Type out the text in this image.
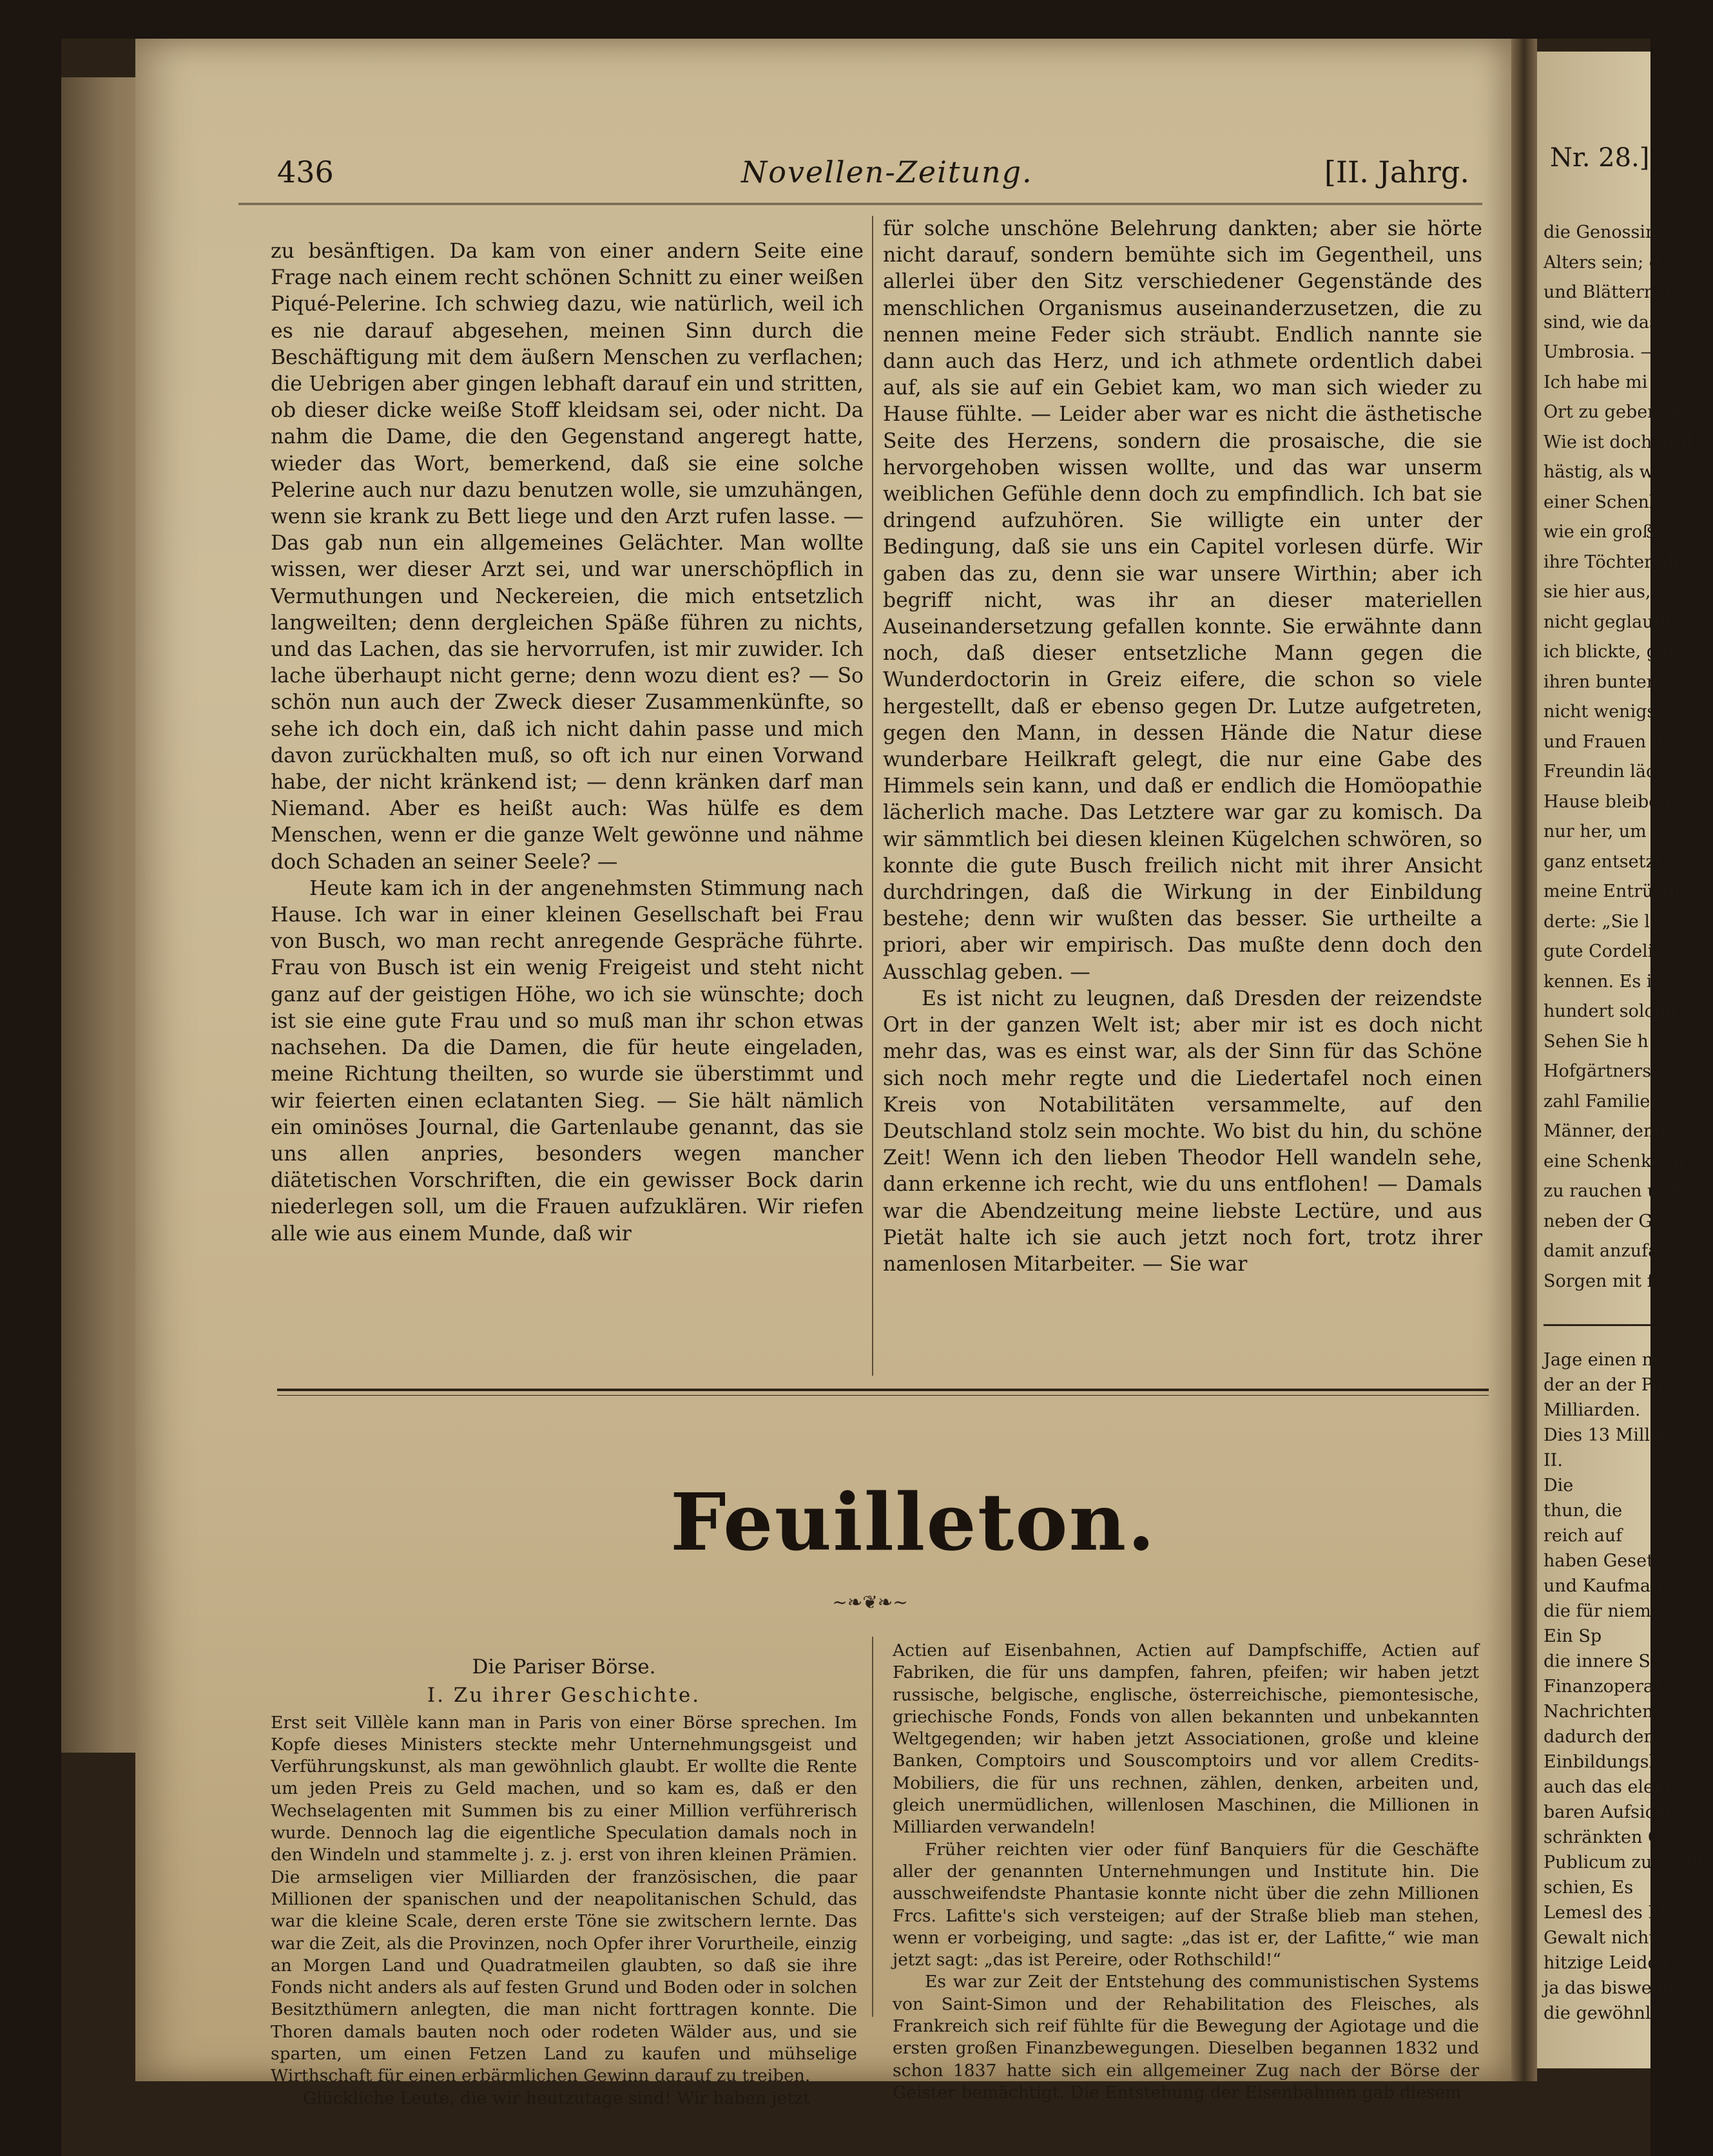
436	Novellen-Zeitung.	[II. Jahrg.

zu besänftigen. Da kam von einer andern Seite eine Frage nach einem recht schönen Schnitt zu einer weißen Piqué-Pelerine. Ich schwieg dazu, wie natürlich, weil ich es nie darauf abgesehen, meinen Sinn durch die Beschäftigung mit dem äußern Menschen zu verflachen; die Uebrigen aber gingen lebhaft darauf ein und stritten, ob dieser dicke weiße Stoff kleidsam sei, oder nicht. Da nahm die Dame, die den Gegenstand angeregt hatte, wieder das Wort, bemerkend, daß sie eine solche Pelerine auch nur dazu benutzen wolle, sie umzuhängen, wenn sie krank zu Bett liege und den Arzt rufen lasse. — Das gab nun ein allgemeines Gelächter. Man wollte wissen, wer dieser Arzt sei, und war unerschöpflich in Vermuthungen und Neckereien, die mich entsetzlich langweilten; denn dergleichen Späße führen zu nichts, und das Lachen, das sie hervorrufen, ist mir zuwider. Ich lache überhaupt nicht gerne; denn wozu dient es? — So schön nun auch der Zweck dieser Zusammenkünfte, so sehe ich doch ein, daß ich nicht dahin passe und mich davon zurückhalten muß, so oft ich nur einen Vorwand habe, der nicht kränkend ist; — denn kränken darf man Niemand. Aber es heißt auch: Was hülfe es dem Menschen, wenn er die ganze Welt gewönne und nähme doch Schaden an seiner Seele? —

Heute kam ich in der angenehmsten Stimmung nach Hause. Ich war in einer kleinen Gesellschaft bei Frau von Busch, wo man recht anregende Gespräche führte. Frau von Busch ist ein wenig Freigeist und steht nicht ganz auf der geistigen Höhe, wo ich sie wünschte; doch ist sie eine gute Frau und so muß man ihr schon etwas nachsehen. Da die Damen, die für heute eingeladen, meine Richtung theilten, so wurde sie überstimmt und wir feierten einen eclatanten Sieg. — Sie hält nämlich ein ominöses Journal, die Gartenlaube genannt, das sie uns allen anpries, besonders wegen mancher diätetischen Vorschriften, die ein gewisser Bock darin niederlegen soll, um die Frauen aufzuklären. Wir riefen alle wie aus einem Munde, daß wir

für solche unschöne Belehrung dankten; aber sie hörte nicht darauf, sondern bemühte sich im Gegentheil, uns allerlei über den Sitz verschiedener Gegenstände des menschlichen Organismus auseinanderzusetzen, die zu nennen meine Feder sich sträubt. Endlich nannte sie dann auch das Herz, und ich athmete ordentlich dabei auf, als sie auf ein Gebiet kam, wo man sich wieder zu Hause fühlte. — Leider aber war es nicht die ästhetische Seite des Herzens, sondern die prosaische, die sie hervorgehoben wissen wollte, und das war unserm weiblichen Gefühle denn doch zu empfindlich. Ich bat sie dringend aufzuhören. Sie willigte ein unter der Bedingung, daß sie uns ein Capitel vorlesen dürfe. Wir gaben das zu, denn sie war unsere Wirthin; aber ich begriff nicht, was ihr an dieser materiellen Auseinandersetzung gefallen konnte. Sie erwähnte dann noch, daß dieser entsetzliche Mann gegen die Wunderdoctorin in Greiz eifere, die schon so viele hergestellt, daß er ebenso gegen Dr. Lutze aufgetreten, gegen den Mann, in dessen Hände die Natur diese wunderbare Heilkraft gelegt, die nur eine Gabe des Himmels sein kann, und daß er endlich die Homöopathie lächerlich mache. Das Letztere war gar zu komisch. Da wir sämmtlich bei diesen kleinen Kügelchen schwören, so konnte die gute Busch freilich nicht mit ihrer Ansicht durchdringen, daß die Wirkung in der Einbildung bestehe; denn wir wußten das besser. Sie urtheilte a priori, aber wir empirisch. Das mußte denn doch den Ausschlag geben. —

Es ist nicht zu leugnen, daß Dresden der reizendste Ort in der ganzen Welt ist; aber mir ist es doch nicht mehr das, was es einst war, als der Sinn für das Schöne sich noch mehr regte und die Liedertafel noch einen Kreis von Notabilitäten versammelte, auf den Deutschland stolz sein mochte. Wo bist du hin, du schöne Zeit! Wenn ich den lieben Theodor Hell wandeln sehe, dann erkenne ich recht, wie du uns entflohen! — Damals war die Abendzeitung meine liebste Lectüre, und aus Pietät halte ich sie auch jetzt noch fort, trotz ihrer namenlosen Mitarbeiter. — Sie war

Feuilleton.
~❧❦❧~
Die Pariser Börse.
I. Zu ihrer Geschichte.

Erst seit Villèle kann man in Paris von einer Börse sprechen. Im Kopfe dieses Ministers steckte mehr Unternehmungsgeist und Verführungskunst, als man gewöhnlich glaubt. Er wollte die Rente um jeden Preis zu Geld machen, und so kam es, daß er den Wechselagenten mit Summen bis zu einer Million verführerisch wurde. Dennoch lag die eigentliche Speculation damals noch in den Windeln und stammelte j. z. j. erst von ihren kleinen Prämien. Die armseligen vier Milliarden der französischen, die paar Millionen der spanischen und der neapolitanischen Schuld, das war die kleine Scale, deren erste Töne sie zwitschern lernte. Das war die Zeit, als die Provinzen, noch Opfer ihrer Vorurtheile, einzig an Morgen Land und Quadratmeilen glaubten, so daß sie ihre Fonds nicht anders als auf festen Grund und Boden oder in solchen Besitzthümern anlegten, die man nicht forttragen konnte. Die Thoren damals bauten noch oder rodeten Wälder aus, und sie sparten, um einen Fetzen Land zu kaufen und mühselige Wirthschaft für einen erbärmlichen Gewinn darauf zu treiben.

Glückliche Leute, die wir heutzutage sind! Wir haben jetzt

Actien auf Eisenbahnen, Actien auf Dampfschiffe, Actien auf Fabriken, die für uns dampfen, fahren, pfeifen; wir haben jetzt russische, belgische, englische, österreichische, piemontesische, griechische Fonds, Fonds von allen bekannten und unbekannten Weltgegenden; wir haben jetzt Associationen, große und kleine Banken, Comptoirs und Souscomptoirs und vor allem Credits-Mobiliers, die für uns rechnen, zählen, denken, arbeiten und, gleich unermüdlichen, willenlosen Maschinen, die Millionen in Milliarden verwandeln!

Früher reichten vier oder fünf Banquiers für die Geschäfte aller der genannten Unternehmungen und Institute hin. Die ausschweifendste Phantasie konnte nicht über die zehn Millionen Frcs. Lafitte's sich versteigen; auf der Straße blieb man stehen, wenn er vorbeiging, und sagte: „das ist er, der Lafitte,“ wie man jetzt sagt: „das ist Pereire, oder Rothschild!“

Es war zur Zeit der Entstehung des communistischen Systems von Saint-Simon und der Rehabilitation des Fleisches, als Frankreich sich reif fühlte für die Bewegung der Agiotage und die ersten großen Finanzbewegungen. Dieselben begannen 1832 und schon 1837 hatte sich ein allgemeiner Zug nach der Börse der Geister bemächtigt. Die Entstehung der Eisenbahnen gab diesem

Nr. 28.]
die Genossin m
Alters sein; d
und Blättern d
sind, wie das
Umbrosia. —
Ich habe mi
Ort zu geben, w
Wie ist doch Mill
hästig, als w
einer Schenke z
wie ein großes
ihre Töchter all
sie hier aus,
nicht geglaubt
ich blickte, gen
ihren bunten
nicht wenigsten
und Frauen g
Freundin läch
Hause bleiben
nur her, um z
ganz entsetzt ü
meine Entrüstu
derte: „Sie le
gute Cordelia,
kennen. Es i
hundert solche
Sehen Sie h
Hofgärtners,
zahl Familien
Männer, dene
eine Schenke, u
zu rauchen und
neben der Ga
damit anzufan
Sorgen mit f
Jage einen neue
der an der Pa
Milliarden.
Dies 13 Millia
II.
Die
thun, die
reich auf
haben Gesetz
und Kaufman
die für niema
Ein Sp
die innere S
Finanzoperat
Nachrichten z
dadurch dem
Einbildungsk
auch das elekt
baren Aufsicht
schränkten Gew
Publicum zu verbie
schien, Es
Lemesl des M
Gewalt nicht
hitzige Leiden
ja das bisweile
die gewöhnliche
